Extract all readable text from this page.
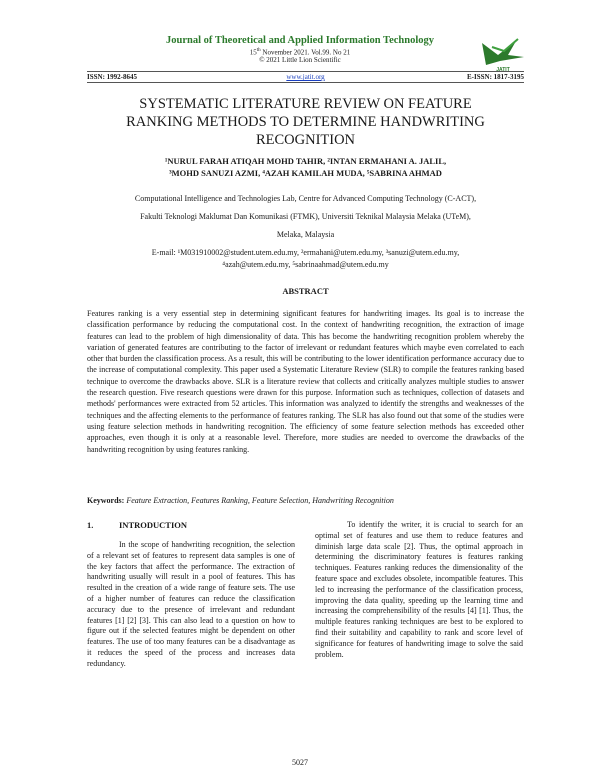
Journal of Theoretical and Applied Information Technology
15th November 2021. Vol.99. No 21
© 2021 Little Lion Scientific
JATIT
ISSN: 1992-8645	www.jatit.org	E-ISSN: 1817-3195
SYSTEMATIC LITERATURE REVIEW ON FEATURE
RANKING METHODS TO DETERMINE HANDWRITING
RECOGNITION
¹NURUL FARAH ATIQAH MOHD TAHIR, ²INTAN ERMAHANI A. JALIL,
³MOHD SANUZI AZMI, ⁴AZAH KAMILAH MUDA, ⁵SABRINA AHMAD
Computational Intelligence and Technologies Lab, Centre for Advanced Computing Technology (C-ACT),
Fakulti Teknologi Maklumat Dan Komunikasi (FTMK), Universiti Teknikal Malaysia Melaka (UTeM),
Melaka, Malaysia
E-mail: ¹M031910002@student.utem.edu.my, ²ermahani@utem.edu.my, ³sanuzi@utem.edu.my,
⁴azah@utem.edu.my, ⁵sabrinaahmad@utem.edu.my
ABSTRACT
Features ranking is a very essential step in determining significant features for handwriting images. Its goal is to increase the classification performance by reducing the computational cost. In the context of handwriting recognition, the extraction of image features can lead to the problem of high dimensionality of data. This has become the handwriting recognition problem whereby the variation of generated features are contributing to the factor of irrelevant or redundant features which maybe even correlated to each other that burden the classification process. As a result, this will be contributing to the lower identification performance accuracy due to the increase of computational complexity. This paper used a Systematic Literature Review (SLR) to compile the features ranking based technique to overcome the drawbacks above. SLR is a literature review that collects and critically analyzes multiple studies to answer the research question. Five research questions were drawn for this purpose. Information such as techniques, collection of datasets and methods' performances were extracted from 52 articles. This information was analyzed to identify the strengths and weaknesses of the techniques and the affecting elements to the performance of features ranking. The SLR has also found out that some of the studies were using feature selection methods in handwriting recognition. The efficiency of some feature selection methods has exceeded other approaches, even though it is only at a reasonable level. Therefore, more studies are needed to overcome the drawbacks of the handwriting recognition by using features ranking.
Keywords: Feature Extraction, Features Ranking, Feature Selection, Handwriting Recognition
1.	INTRODUCTION

In the scope of handwriting recognition, the selection of a relevant set of features to represent data samples is one of the key factors that affect the performance. The extraction of handwriting usually will result in a pool of features. This has resulted in the creation of a wide range of feature sets. The use of a higher number of features can reduce the classification accuracy due to the presence of irrelevant and redundant features [1] [2] [3]. This can also lead to a question on how to figure out if the selected features might be dependent on other features. The use of too many features can be a disadvantage as it reduces the speed of the process and increases data redundancy.

To identify the writer, it is crucial to search for an optimal set of features and use them to reduce features and diminish large data scale [2]. Thus, the optimal approach in determining the discriminatory features is features ranking techniques. Features ranking reduces the dimensionality of the feature space and excludes obsolete, incompatible features. This led to increasing the performance of the classification process, improving the data quality, speeding up the learning time and increasing the comprehensibility of the results [4] [1]. Thus, the multiple features ranking techniques are best to be explored to find their suitability and capability to rank and score level of significance for features of handwriting image to solve the said problem.

5027
